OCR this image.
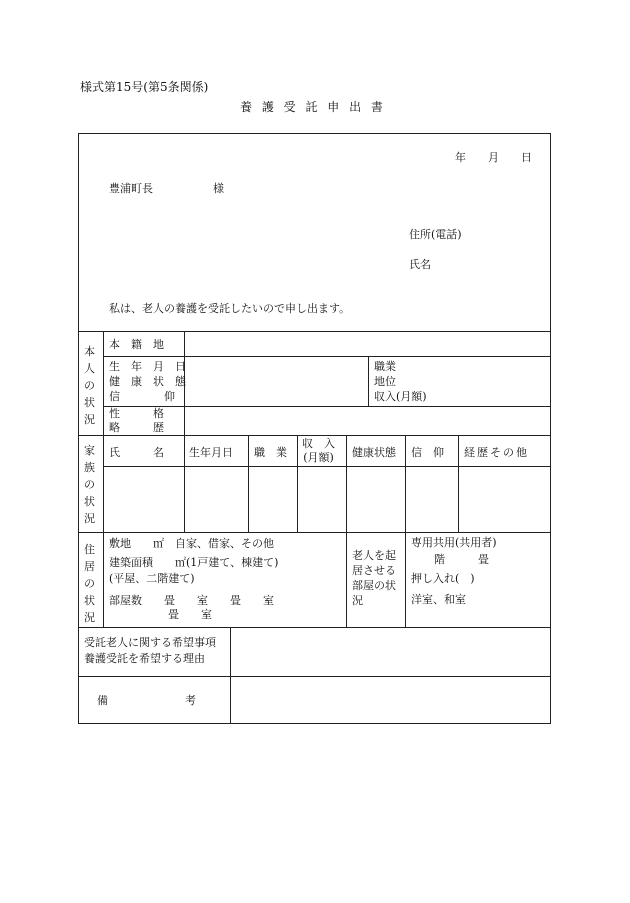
様式第15号(第5条関係)
養 護 受 託 申 出 書
年　　月　　日
豊浦町長	様
住所(電話)
氏名
私は、老人の養護を受託したいので申し出ます。
本人の状況
家族の状況
住居の状況
本　籍　地
生　年　月　日
健　康　状　態
信　　　　仰
職業
地位
収入(月額)
性　　　格
略　　　歴
氏　　　名 生年月日 職　業
収　入
(月額) 健康状態 信　仰 経歴その他
敷地　　㎡　自家、借家、その他
建築面積　　㎡(1戸建て、棟建て)
(平屋、二階建て)
部屋数　　畳　　室　　畳　　室
畳　　室
老人を起居させる部屋の状況
専用共用(共用者)
階　　　畳
押し入れ(　)
洋室、和室
受託老人に関する希望事項
養護受託を希望する理由
備　　　　　　　考
